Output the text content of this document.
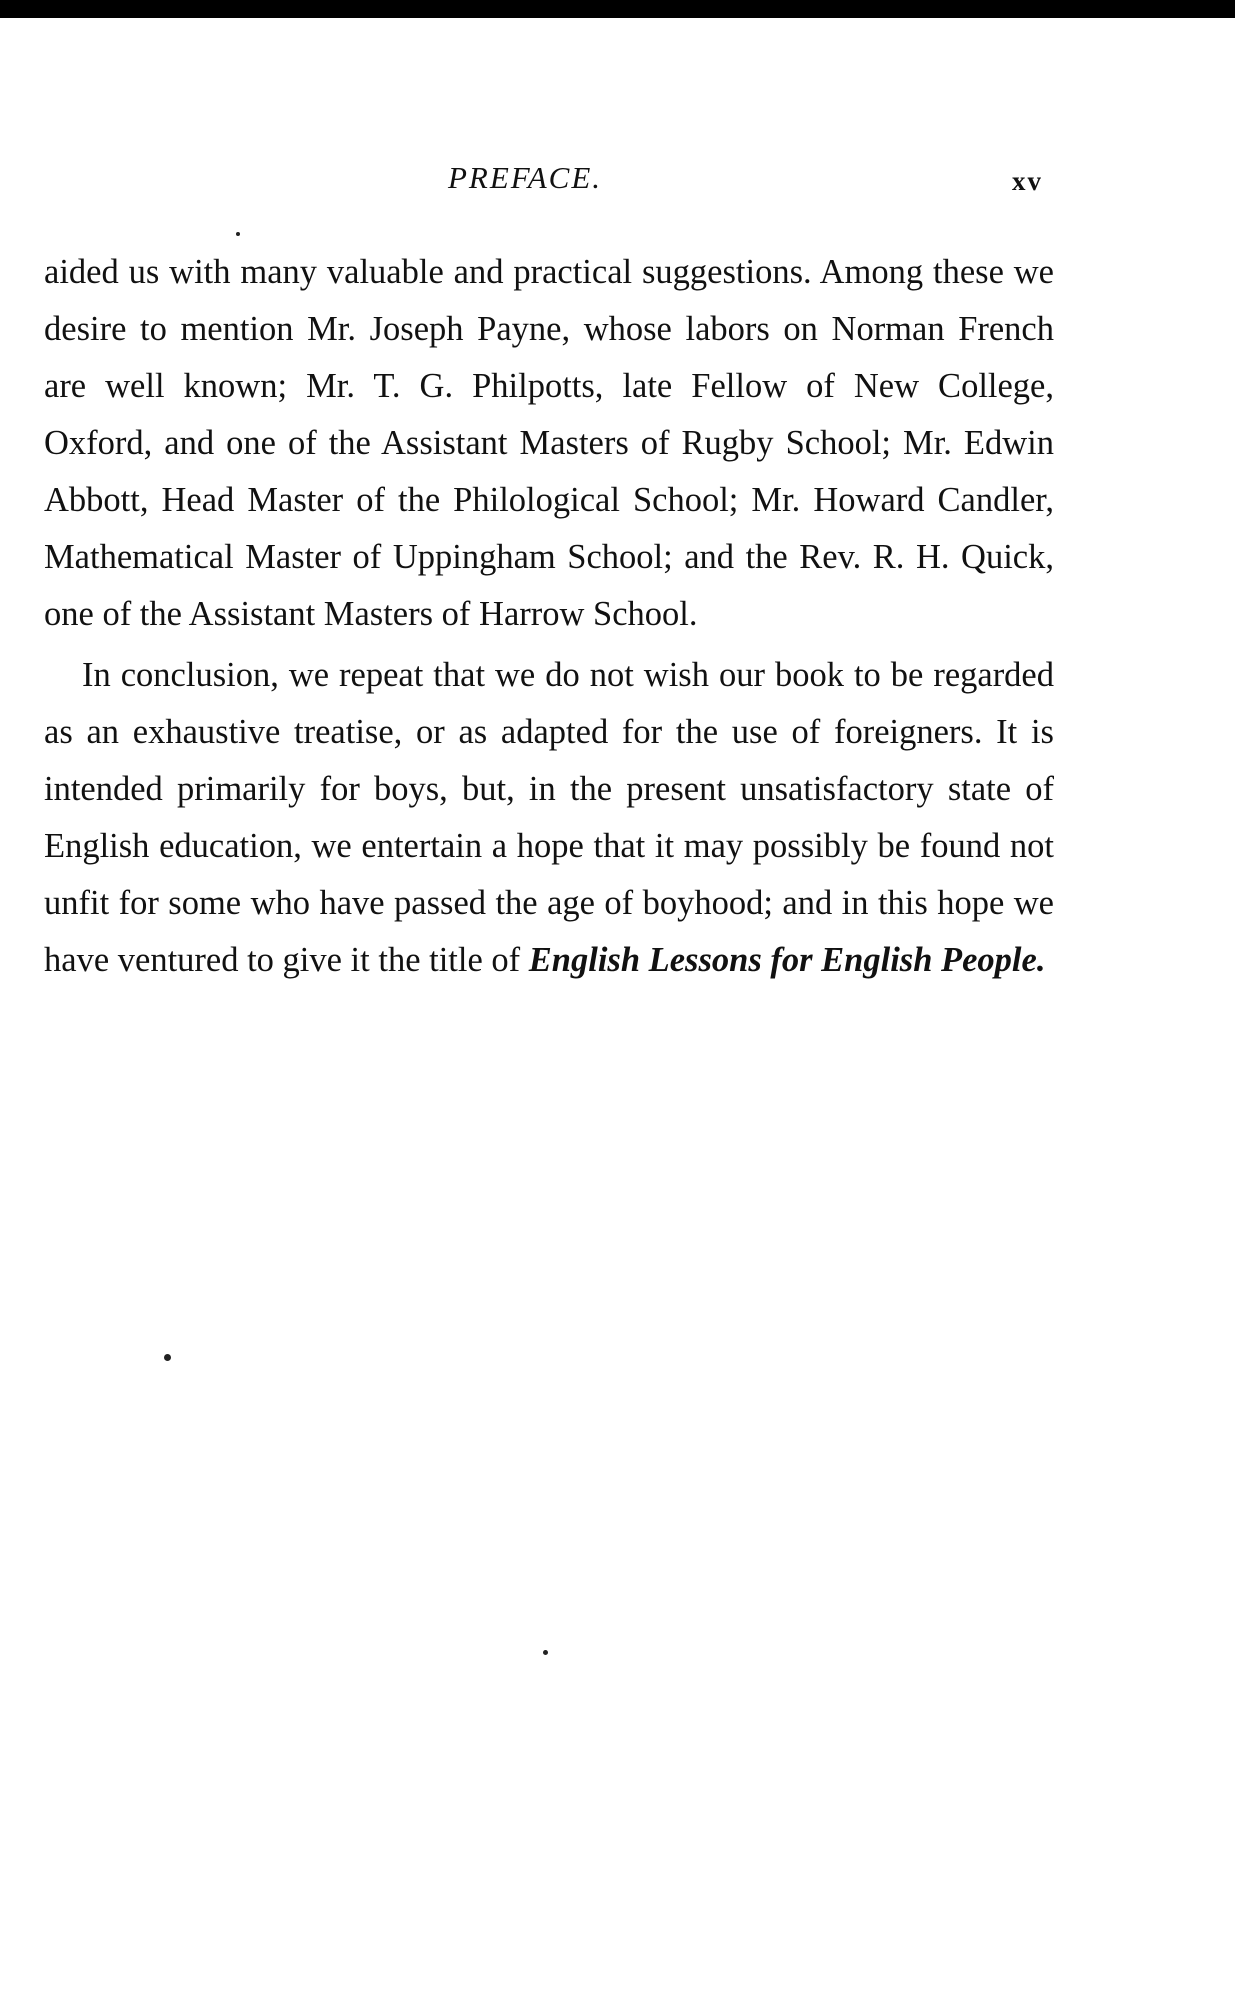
PREFACE.	xv

aided us with many valuable and practical suggestions. Among these we desire to mention Mr. Joseph Payne, whose labors on Norman French are well known; Mr. T. G. Philpotts, late Fellow of New College, Oxford, and one of the Assistant Masters of Rugby School; Mr. Edwin Abbott, Head Master of the Philological School; Mr. Howard Candler, Mathematical Master of Uppingham School; and the Rev. R. H. Quick, one of the Assistant Masters of Harrow School.

In conclusion, we repeat that we do not wish our book to be regarded as an exhaustive treatise, or as adapted for the use of foreigners. It is intended primarily for boys, but, in the present unsatisfactory state of English education, we entertain a hope that it may possibly be found not unfit for some who have passed the age of boyhood; and in this hope we have ventured to give it the title of English Lessons for English People.
